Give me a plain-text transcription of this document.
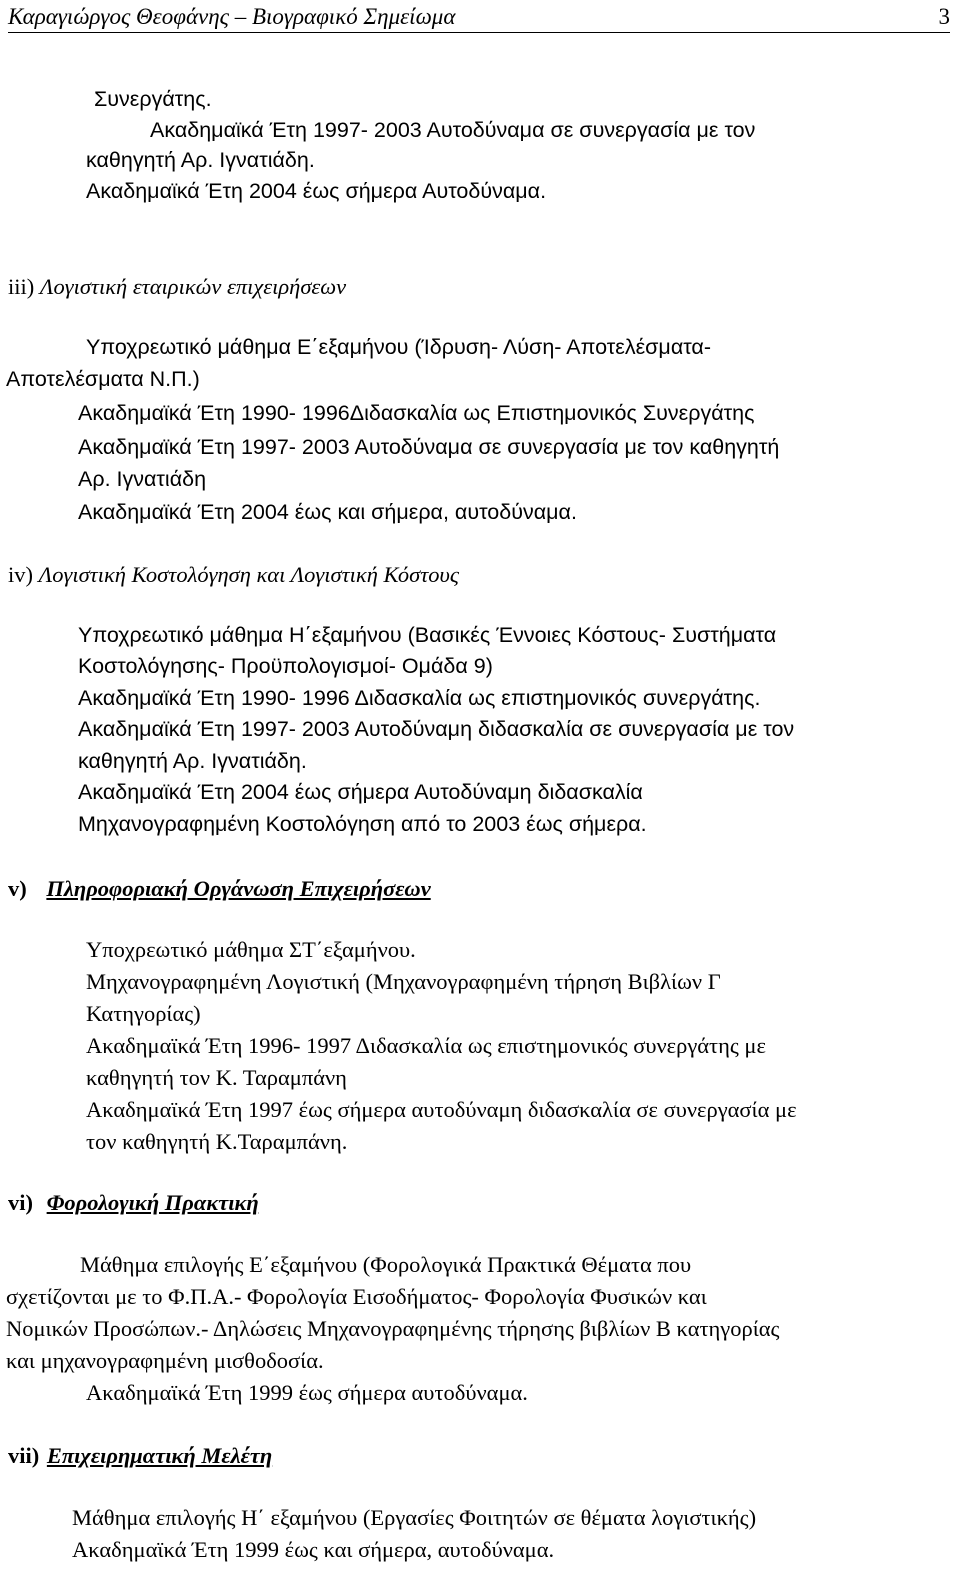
Καραγιώργος Θεοφάνης – Βιογραφικό Σημείωμα	3
Συνεργάτης.
Ακαδημαϊκά Έτη 1997- 2003 Αυτοδύναμα σε συνεργασία με τον
καθηγητή Αρ. Ιγνατιάδη.
Ακαδημαϊκά Έτη 2004 έως σήμερα Αυτοδύναμα.
iii) Λογιστική εταιρικών επιχειρήσεων
Υποχρεωτικό μάθημα Ε΄εξαμήνου (Ίδρυση- Λύση- Αποτελέσματα-
Αποτελέσματα Ν.Π.)
Ακαδημαϊκά Έτη 1990- 1996Διδασκαλία ως Επιστημονικός Συνεργάτης
Ακαδημαϊκά Έτη 1997- 2003 Αυτοδύναμα σε συνεργασία με τον καθηγητή
Αρ. Ιγνατιάδη
Ακαδημαϊκά Έτη 2004 έως και σήμερα, αυτοδύναμα.
iv) Λογιστική Κοστολόγηση και Λογιστική Κόστους
Υποχρεωτικό μάθημα Η΄εξαμήνου (Βασικές Έννοιες Κόστους- Συστήματα
Κοστολόγησης- Προϋπολογισμοί- Ομάδα 9)
Ακαδημαϊκά Έτη 1990- 1996 Διδασκαλία ως επιστημονικός συνεργάτης.
Ακαδημαϊκά Έτη 1997- 2003 Αυτοδύναμη διδασκαλία σε συνεργασία με τον
καθηγητή Αρ. Ιγνατιάδη.
Ακαδημαϊκά Έτη 2004 έως σήμερα Αυτοδύναμη διδασκαλία
Μηχανογραφημένη Κοστολόγηση από το 2003 έως σήμερα.
v) Πληροφοριακή Οργάνωση Επιχειρήσεων
Υποχρεωτικό μάθημα ΣΤ΄εξαμήνου.
Μηχανογραφημένη Λογιστική (Μηχανογραφημένη τήρηση Βιβλίων Γ
Κατηγορίας)
Ακαδημαϊκά Έτη 1996- 1997 Διδασκαλία ως επιστημονικός συνεργάτης με
καθηγητή τον Κ. Ταραμπάνη
Ακαδημαϊκά Έτη 1997 έως σήμερα αυτοδύναμη διδασκαλία σε συνεργασία με
τον καθηγητή Κ.Ταραμπάνη.
vi) Φορολογική Πρακτική
Μάθημα επιλογής Ε΄εξαμήνου (Φορολογικά Πρακτικά Θέματα που
σχετίζονται με το Φ.Π.Α.- Φορολογία Εισοδήματος- Φορολογία Φυσικών και
Νομικών Προσώπων.- Δηλώσεις Μηχανογραφημένης τήρησης βιβλίων Β κατηγορίας
και μηχανογραφημένη μισθοδοσία.
Ακαδημαϊκά Έτη 1999 έως σήμερα αυτοδύναμα.
vii) Επιχειρηματική Μελέτη
Μάθημα επιλογής Η΄ εξαμήνου (Εργασίες Φοιτητών σε θέματα λογιστικής)
Ακαδημαϊκά Έτη 1999 έως και σήμερα, αυτοδύναμα.
